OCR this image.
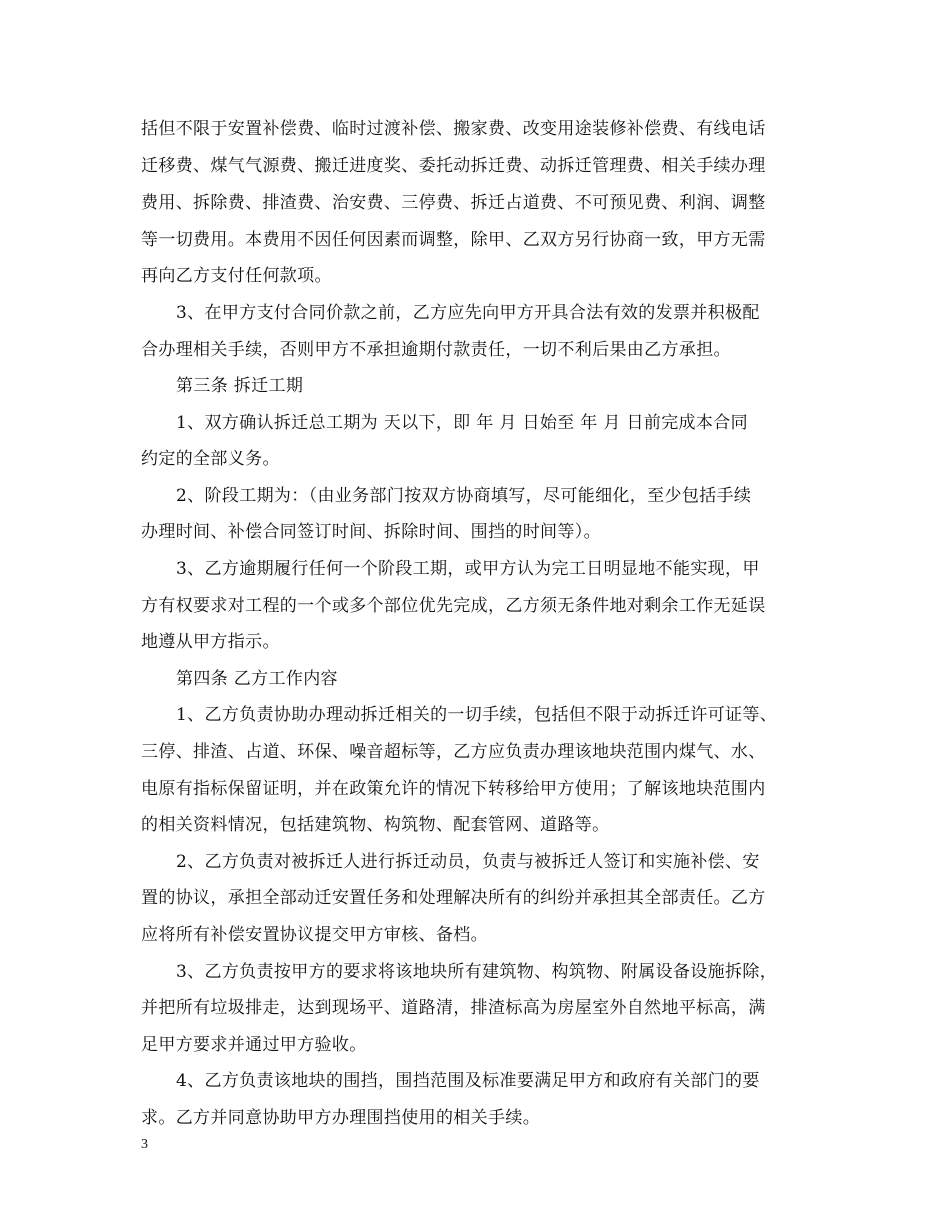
括但不限于安置补偿费、临时过渡补偿、搬家费、改变用途装修补偿费、有线电话
迁移费、煤气气源费、搬迁进度奖、委托动拆迁费、动拆迁管理费、相关手续办理
费用、拆除费、排渣费、治安费、三停费、拆迁占道费、不可预见费、利润、调整
等一切费用。本费用不因任何因素而调整，除甲、乙双方另行协商一致，甲方无需
再向乙方支付任何款项。
3、在甲方支付合同价款之前，乙方应先向甲方开具合法有效的发票并积极配
合办理相关手续，否则甲方不承担逾期付款责任，一切不利后果由乙方承担。
第三条 拆迁工期
1、双方确认拆迁总工期为 天以下，即 年 月 日始至 年 月 日前完成本合同
约定的全部义务。
2、阶段工期为：（由业务部门按双方协商填写，尽可能细化，至少包括手续
办理时间、补偿合同签订时间、拆除时间、围挡的时间等）。
3、乙方逾期履行任何一个阶段工期，或甲方认为完工日明显地不能实现，甲
方有权要求对工程的一个或多个部位优先完成，乙方须无条件地对剩余工作无延误
地遵从甲方指示。
第四条 乙方工作内容
1、乙方负责协助办理动拆迁相关的一切手续，包括但不限于动拆迁许可证等、
三停、排渣、占道、环保、噪音超标等，乙方应负责办理该地块范围内煤气、水、
电原有指标保留证明，并在政策允许的情况下转移给甲方使用；了解该地块范围内
的相关资料情况，包括建筑物、构筑物、配套管网、道路等。
2、乙方负责对被拆迁人进行拆迁动员，负责与被拆迁人签订和实施补偿、安
置的协议，承担全部动迁安置任务和处理解决所有的纠纷并承担其全部责任。乙方
应将所有补偿安置协议提交甲方审核、备档。
3、乙方负责按甲方的要求将该地块所有建筑物、构筑物、附属设备设施拆除，
并把所有垃圾排走，达到现场平、道路清，排渣标高为房屋室外自然地平标高，满
足甲方要求并通过甲方验收。
4、乙方负责该地块的围挡，围挡范围及标准要满足甲方和政府有关部门的要
求。乙方并同意协助甲方办理围挡使用的相关手续。
3
